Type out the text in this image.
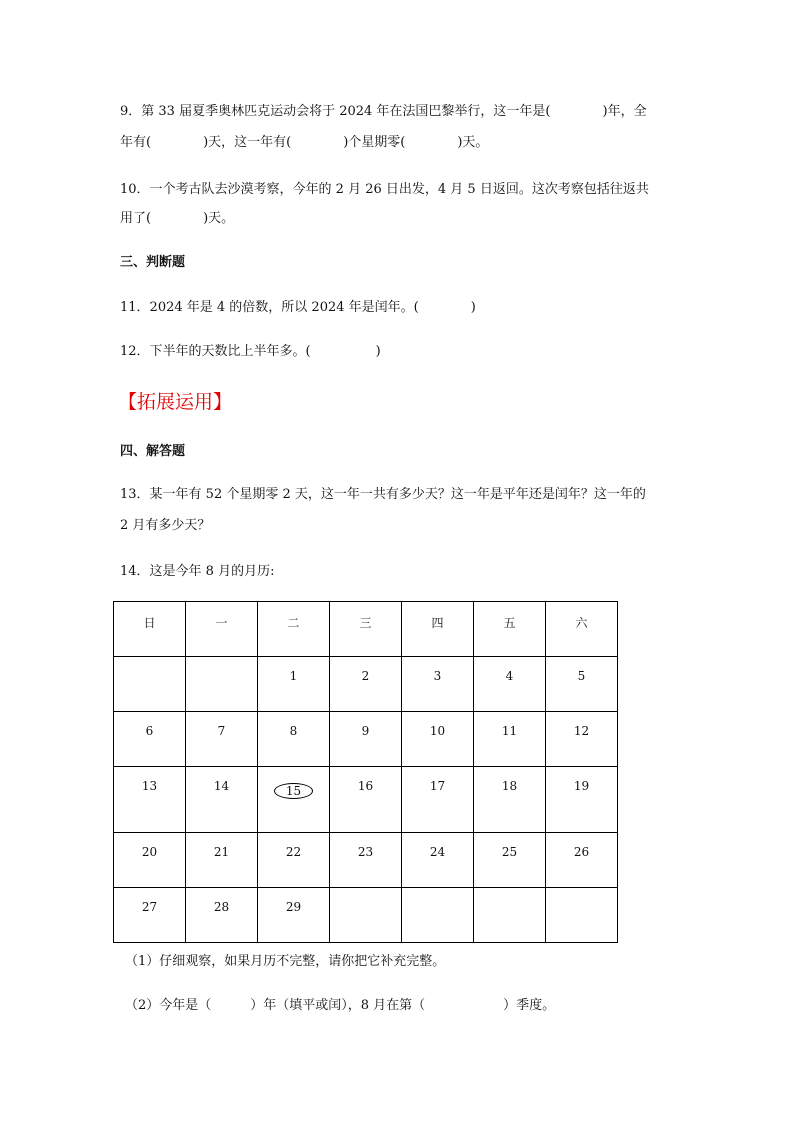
9．第 33 届夏季奥林匹克运动会将于 2024 年在法国巴黎举行，这一年是(　　　　)年，全
年有(　　　　)天，这一年有(　　　　)个星期零(　　　　)天。
10．一个考古队去沙漠考察，今年的 2 月 26 日出发，4 月 5 日返回。这次考察包括往返共
用了(　　　　)天。
三、判断题
11．2024 年是 4 的倍数，所以 2024 年是闰年。(　　　　)
12．下半年的天数比上半年多。(　　　　　)
【拓展运用】
四、解答题
13．某一年有 52 个星期零 2 天，这一年一共有多少天？这一年是平年还是闰年？这一年的
2 月有多少天？
14．这是今年 8 月的月历:
日	一	二	三	四	五	六
		1	2	3	4	5
6	7	8	9	10	11	12
13	14	15	16	17	18	19
20	21	22	23	24	25	26
27	28	29				
（1）仔细观察，如果月历不完整，请你把它补充完整。
（2）今年是（　　　）年（填平或闰），8 月在第（　　　　　　）季度。
